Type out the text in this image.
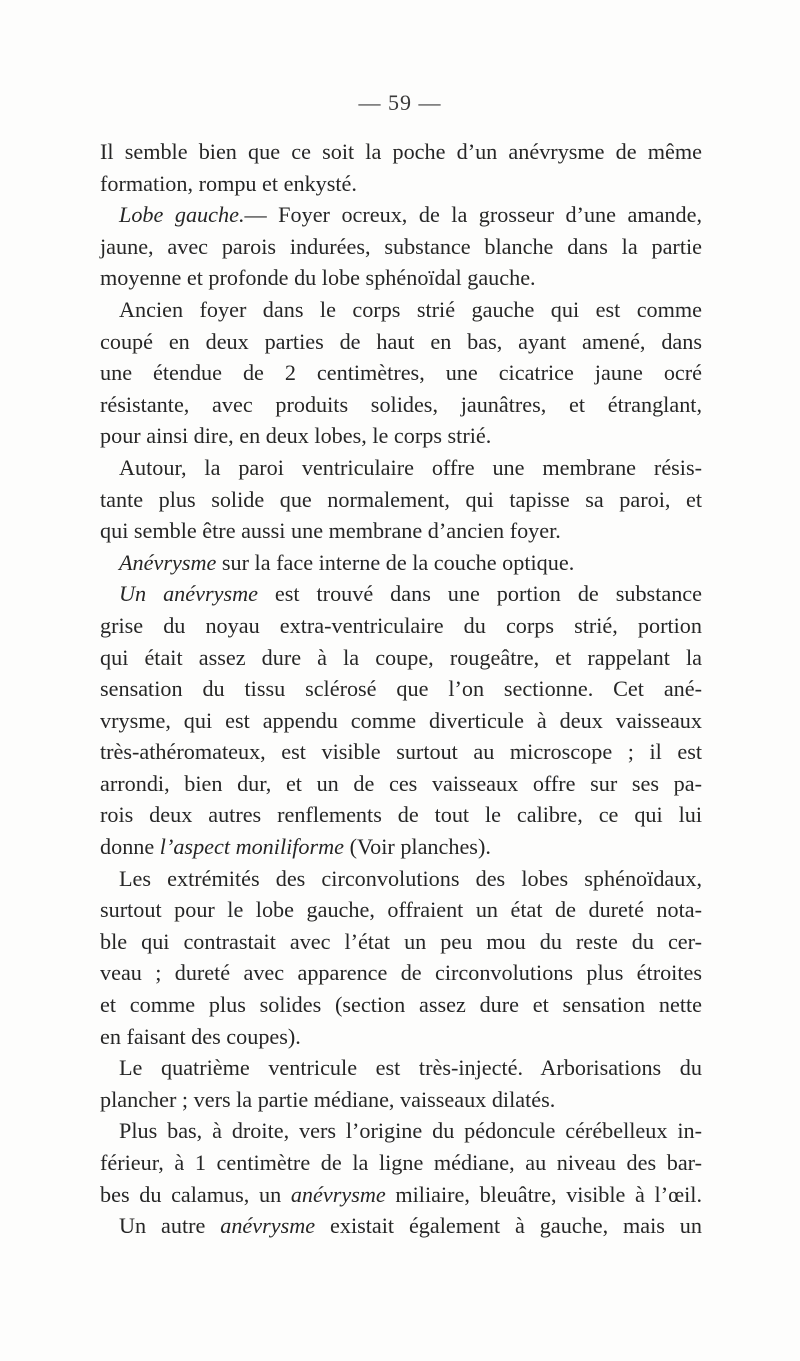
— 59 —
Il semble bien que ce soit la poche d’un anévrysme de même
formation, rompu et enkysté.
Lobe gauche.— Foyer ocreux, de la grosseur d’une amande,
jaune, avec parois indurées, substance blanche dans la partie
moyenne et profonde du lobe sphénoïdal gauche.
Ancien foyer dans le corps strié gauche qui est comme
coupé en deux parties de haut en bas, ayant amené, dans
une étendue de 2 centimètres, une cicatrice jaune ocré
résistante, avec produits solides, jaunâtres, et étranglant,
pour ainsi dire, en deux lobes, le corps strié.
Autour, la paroi ventriculaire offre une membrane résis-
tante plus solide que normalement, qui tapisse sa paroi, et
qui semble être aussi une membrane d’ancien foyer.
Anévrysme sur la face interne de la couche optique.
Un anévrysme est trouvé dans une portion de substance
grise du noyau extra-ventriculaire du corps strié, portion
qui était assez dure à la coupe, rougeâtre, et rappelant la
sensation du tissu sclérosé que l’on sectionne. Cet ané-
vrysme, qui est appendu comme diverticule à deux vaisseaux
très-athéromateux, est visible surtout au microscope ; il est
arrondi, bien dur, et un de ces vaisseaux offre sur ses pa-
rois deux autres renflements de tout le calibre, ce qui lui
donne l’aspect moniliforme (Voir planches).
Les extrémités des circonvolutions des lobes sphénoïdaux,
surtout pour le lobe gauche, offraient un état de dureté nota-
ble qui contrastait avec l’état un peu mou du reste du cer-
veau ; dureté avec apparence de circonvolutions plus étroites
et comme plus solides (section assez dure et sensation nette
en faisant des coupes).
Le quatrième ventricule est très-injecté. Arborisations du
plancher ; vers la partie médiane, vaisseaux dilatés.
Plus bas, à droite, vers l’origine du pédoncule cérébelleux in-
férieur, à 1 centimètre de la ligne médiane, au niveau des bar-
bes du calamus, un anévrysme miliaire, bleuâtre, visible à l’œil.
Un autre anévrysme existait également à gauche, mais un
